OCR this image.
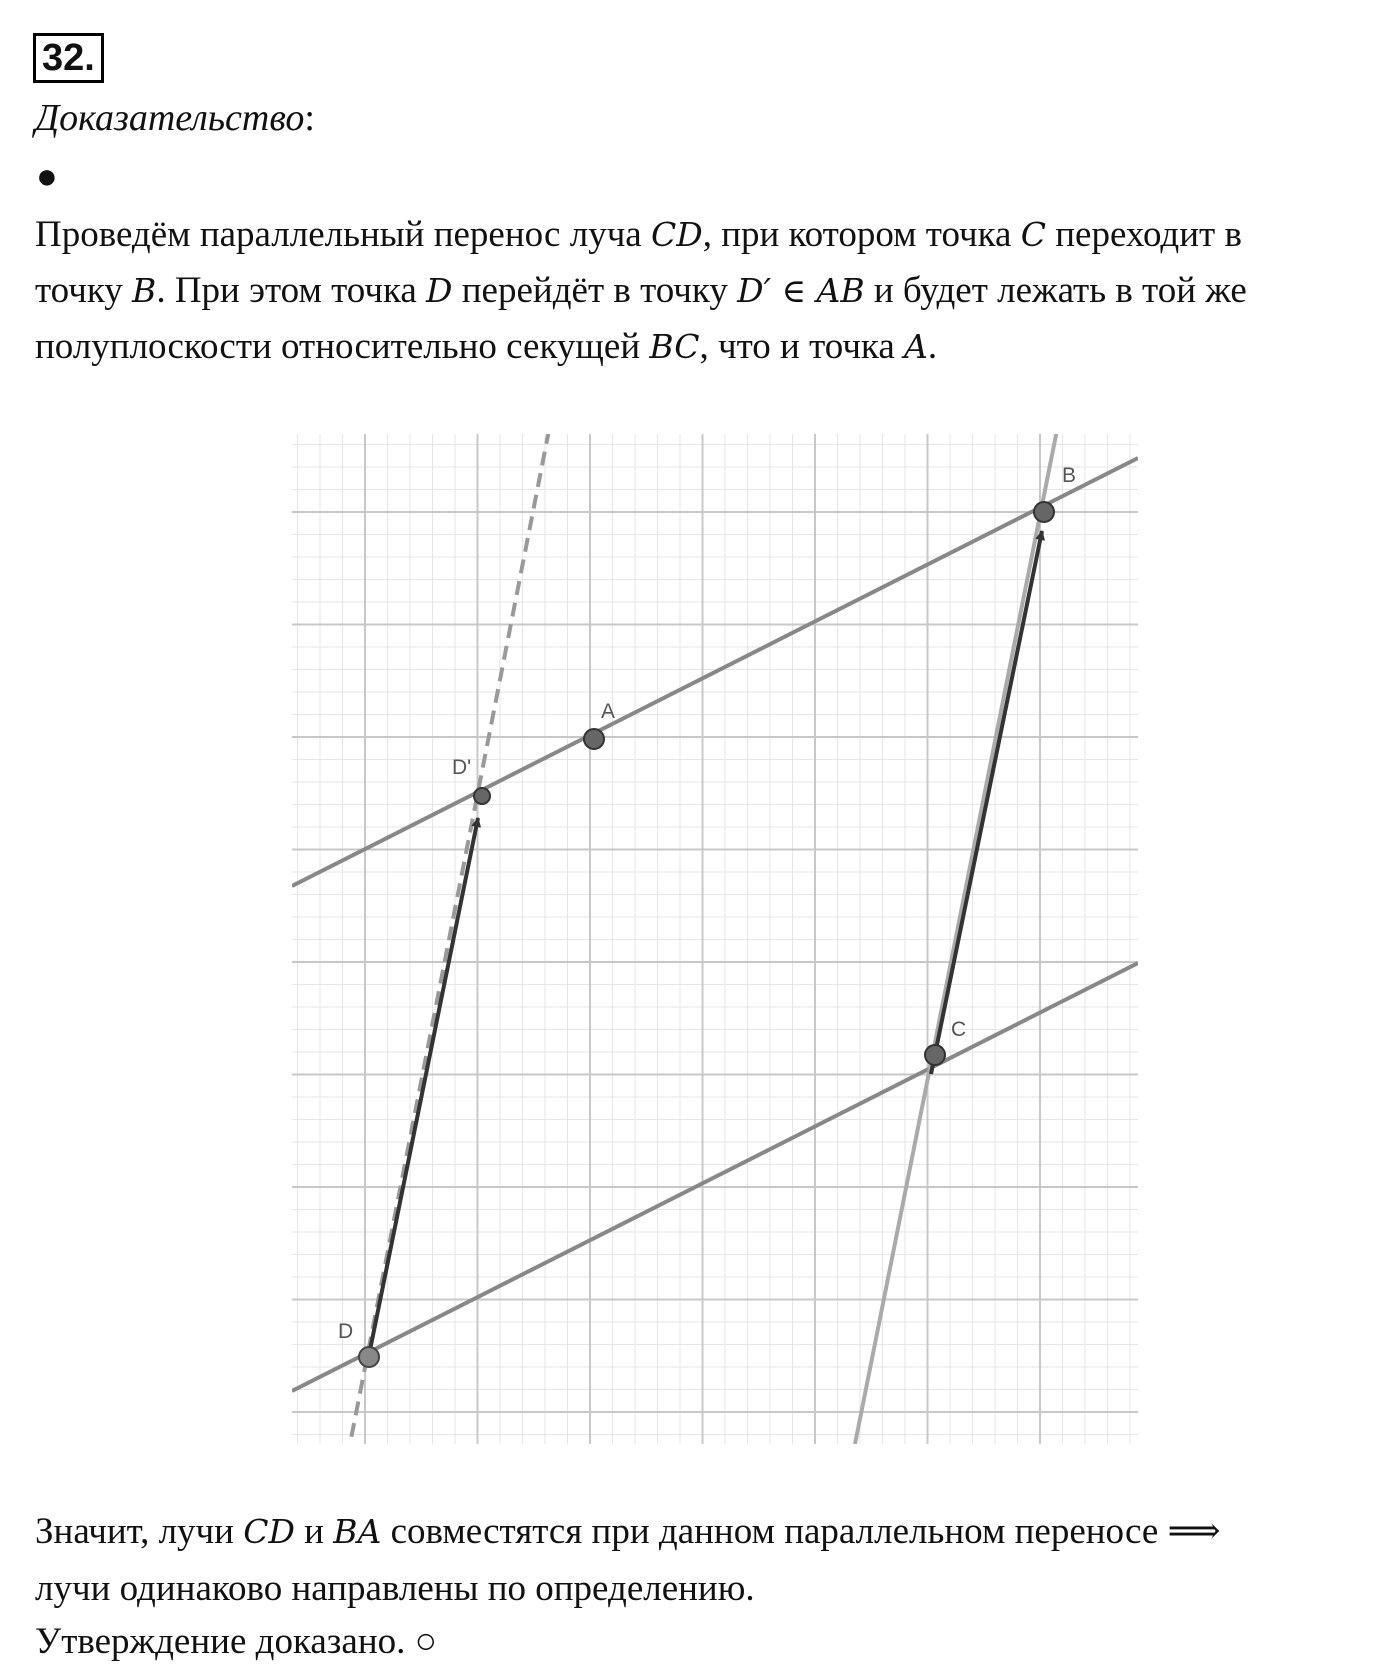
32.
Доказательство:
●
Проведём параллельный перенос луча CD, при котором точка C переходит в
точку B. При этом точка D перейдёт в точку D′ ∈ AB и будет лежать в той же
полуплоскости относительно секущей BC, что и точка A.
B
A
D'
C
D
Значит, лучи CD и BA совместятся при данном параллельном переносе ⟹
лучи одинаково направлены по определению.
Утверждение доказано. ○
